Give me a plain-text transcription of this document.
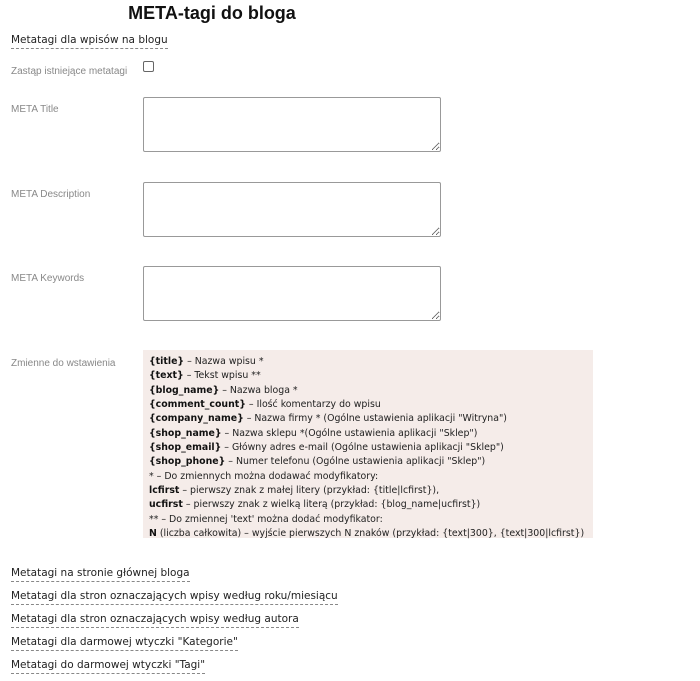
META-tagi do bloga
Metatagi dla wpisów na blogu
Zastąp istniejące metatagi
META Title
META Description
META Keywords
Zmienne do wstawienia	{title} – Nazwa wpisu *
{text} – Tekst wpisu **
{blog_name} – Nazwa bloga *
{comment_count} – Ilość komentarzy do wpisu
{company_name} – Nazwa firmy * (Ogólne ustawienia aplikacji "Witryna")
{shop_name} – Nazwa sklepu *(Ogólne ustawienia aplikacji "Sklep")
{shop_email} – Główny adres e-mail (Ogólne ustawienia aplikacji "Sklep")
{shop_phone} – Numer telefonu (Ogólne ustawienia aplikacji "Sklep")
* – Do zmiennych można dodawać modyfikatory:
lcfirst – pierwszy znak z małej litery (przykład: {title|lcfirst}),
ucfirst – pierwszy znak z wielką literą (przykład: {blog_name|ucfirst})
** – Do zmiennej 'text' można dodać modyfikator:
N (liczba całkowita) – wyjście pierwszych N znaków (przykład: {text|300}, {text|300|lcfirst})
Metatagi na stronie głównej bloga
Metatagi dla stron oznaczających wpisy według roku/miesiącu
Metatagi dla stron oznaczających wpisy według autora
Metatagi dla darmowej wtyczki "Kategorie"
Metatagi do darmowej wtyczki "Tagi"
